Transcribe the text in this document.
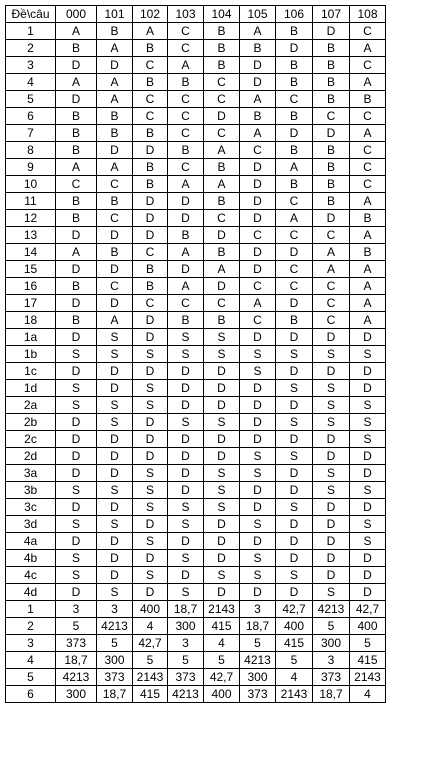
Đề\câu	000	101	102	103	104	105	106	107	108
1	A	B	A	C	B	A	B	D	C
2	B	A	B	C	B	B	D	B	A
3	D	D	C	A	B	D	B	B	C
4	A	A	B	B	C	D	B	B	A
5	D	A	C	C	C	A	C	B	B
6	B	B	C	C	D	B	B	C	C
7	B	B	B	C	C	A	D	D	A
8	B	D	D	B	A	C	B	B	C
9	A	A	B	C	B	D	A	B	C
10	C	C	B	A	A	D	B	B	C
11	B	B	D	D	B	D	C	B	A
12	B	C	D	D	C	D	A	D	B
13	D	D	D	B	D	C	C	C	A
14	A	B	C	A	B	D	D	A	B
15	D	D	B	D	A	D	C	A	A
16	B	C	B	A	D	C	C	C	A
17	D	D	C	C	C	A	D	C	A
18	B	A	D	B	B	C	B	C	A
1a	D	S	D	S	S	D	D	D	D
1b	S	S	S	S	S	S	S	S	S
1c	D	D	D	D	D	S	D	D	D
1d	S	D	S	D	D	D	S	S	D
2a	S	S	S	D	D	D	D	S	S
2b	D	S	D	S	S	D	S	S	S
2c	D	D	D	D	D	D	D	D	S
2d	D	D	D	D	D	S	S	D	D
3a	D	D	S	D	S	S	D	S	D
3b	S	S	S	D	S	D	D	S	S
3c	D	D	S	S	S	D	S	D	D
3d	S	S	D	S	D	S	D	D	S
4a	D	D	S	D	D	D	D	D	S
4b	S	D	D	S	D	S	D	D	D
4c	S	D	S	D	S	S	S	D	D
4d	D	S	D	S	D	D	D	S	D
1	3	3	400	18,7	2143	3	42,7	4213	42,7
2	5	4213	4	300	415	18,7	400	5	400
3	373	5	42,7	3	4	5	415	300	5
4	18,7	300	5	5	5	4213	5	3	415
5	4213	373	2143	373	42,7	300	4	373	2143
6	300	18,7	415	4213	400	373	2143	18,7	4
